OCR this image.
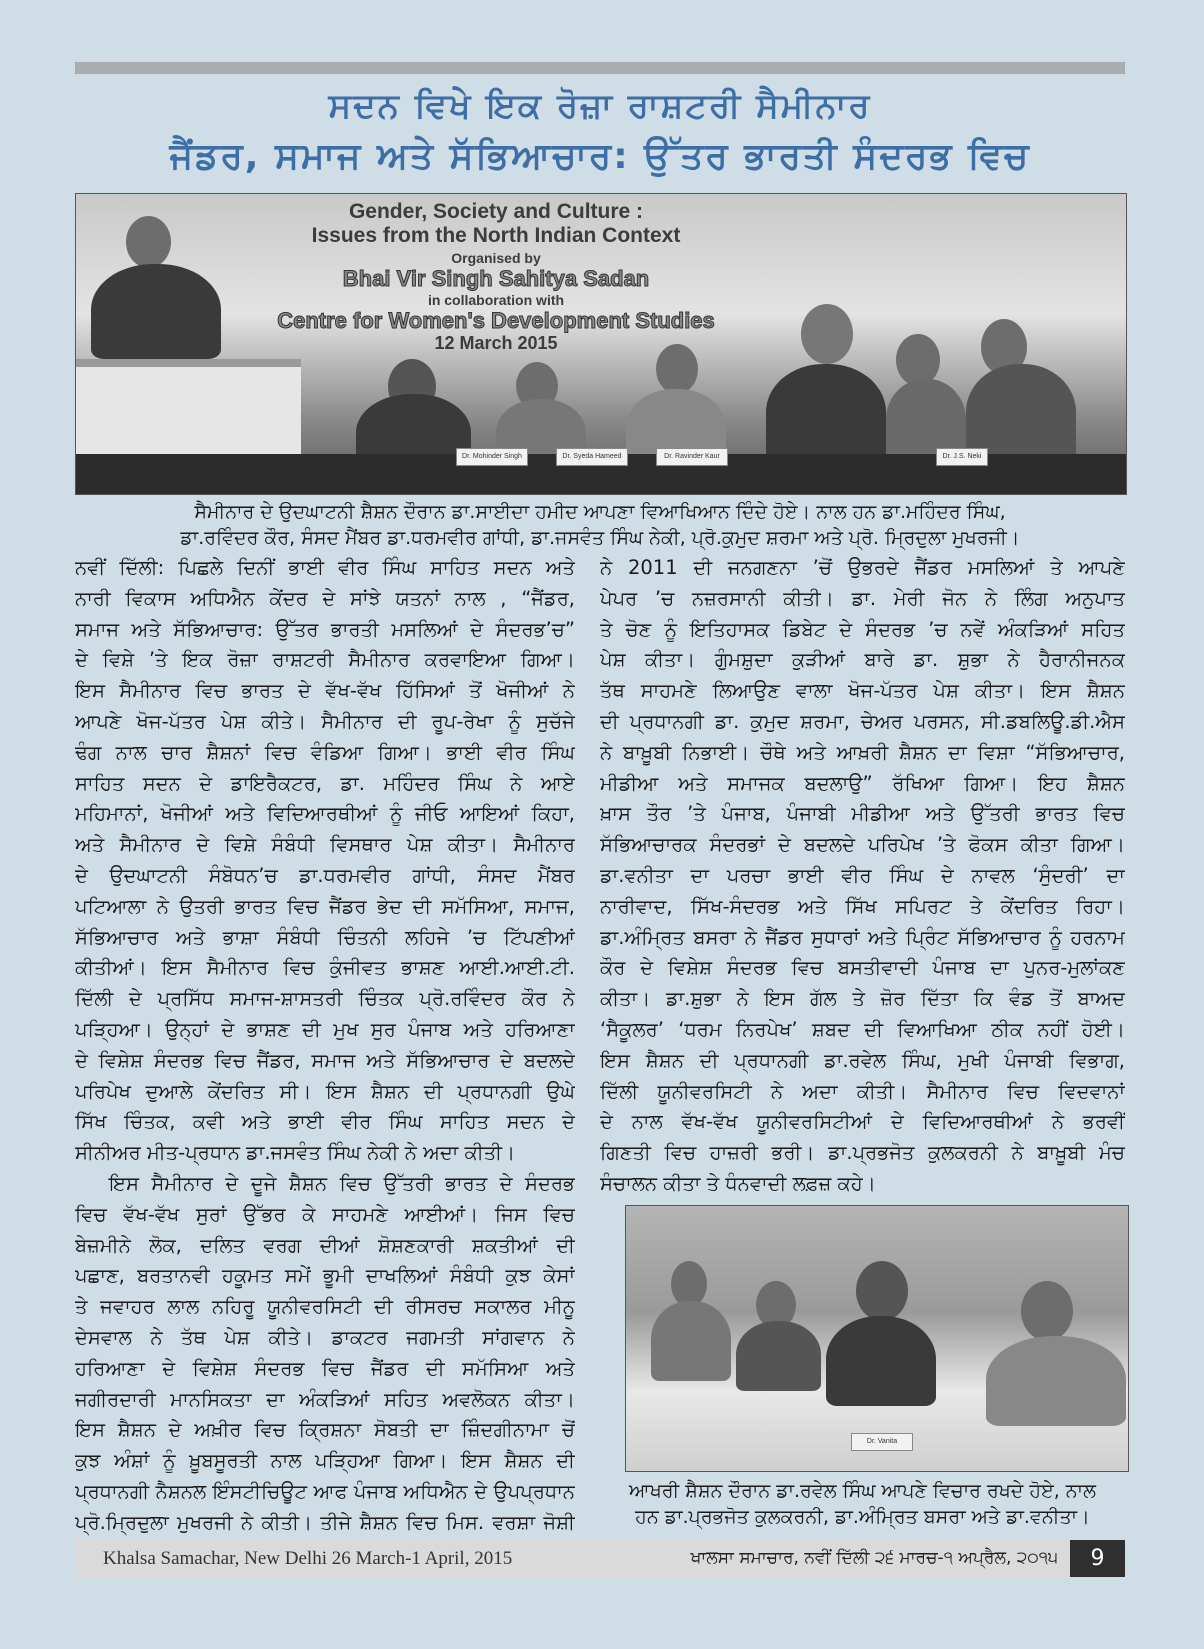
ਸਦਨ ਵਿਖੇ ਇਕ ਰੋਜ਼ਾ ਰਾਸ਼ਟਰੀ ਸੈਮੀਨਾਰ
ਜੈਂਡਰ, ਸਮਾਜ ਅਤੇ ਸੱਭਿਆਚਾਰ: ਉੱਤਰ ਭਾਰਤੀ ਸੰਦਰਭ ਵਿਚ
Dr. Mohinder Singh	Dr. Syeda Hameed	Dr. Ravinder Kaur	Dr. J.S. Neki
Gender, Society and Culture :
Issues from the North Indian Context
Organised by
Bhai Vir Singh Sahitya Sadan
in collaboration with
Centre for Women's Development Studies
12 March 2015
ਸੈਮੀਨਾਰ ਦੇ ਉਦਘਾਟਨੀ ਸ਼ੈਸ਼ਨ ਦੌਰਾਨ ਡਾ.ਸਾਈਦਾ ਹਮੀਦ ਆਪਣਾ ਵਿਆਖਿਆਨ ਦਿੰਦੇ ਹੋਏ। ਨਾਲ ਹਨ ਡਾ.ਮਹਿੰਦਰ ਸਿੰਘ,
ਡਾ.ਰਵਿੰਦਰ ਕੌਰ, ਸੰਸਦ ਮੈਂਬਰ ਡਾ.ਧਰਮਵੀਰ ਗਾਂਧੀ, ਡਾ.ਜਸਵੰਤ ਸਿੰਘ ਨੇਕੀ, ਪ੍ਰੋ.ਕੁਮੁਦ ਸ਼ਰਮਾ ਅਤੇ ਪ੍ਰੋ. ਮ੍ਰਿਦੁਲਾ ਮੁਖਰਜੀ।
ਨਵੀਂ ਦਿੱਲੀ: ਪਿਛਲੇ ਦਿਨੀਂ ਭਾਈ ਵੀਰ ਸਿੰਘ ਸਾਹਿਤ ਸਦਨ ਅਤੇ
ਨਾਰੀ ਵਿਕਾਸ ਅਧਿਐਨ ਕੇਂਦਰ ਦੇ ਸਾਂਝੇ ਯਤਨਾਂ ਨਾਲ , “ਜੈਂਡਰ,
ਸਮਾਜ ਅਤੇ ਸੱਭਿਆਚਾਰ: ਉੱਤਰ ਭਾਰਤੀ ਮਸਲਿਆਂ ਦੇ ਸੰਦਰਭ’ਚ”
ਦੇ ਵਿਸ਼ੇ ’ਤੇ ਇਕ ਰੋਜ਼ਾ ਰਾਸ਼ਟਰੀ ਸੈਮੀਨਾਰ ਕਰਵਾਇਆ ਗਿਆ।
ਇਸ ਸੈਮੀਨਾਰ ਵਿਚ ਭਾਰਤ ਦੇ ਵੱਖ-ਵੱਖ ਹਿੱਸਿਆਂ ਤੋਂ ਖੋਜੀਆਂ ਨੇ
ਆਪਣੇ ਖੋਜ-ਪੱਤਰ ਪੇਸ਼ ਕੀਤੇ। ਸੈਮੀਨਾਰ ਦੀ ਰੂਪ-ਰੇਖਾ ਨੂੰ ਸੁਚੱਜੇ
ਢੰਗ ਨਾਲ ਚਾਰ ਸ਼ੈਸ਼ਨਾਂ ਵਿਚ ਵੰਡਿਆ ਗਿਆ। ਭਾਈ ਵੀਰ ਸਿੰਘ
ਸਾਹਿਤ ਸਦਨ ਦੇ ਡਾਇਰੈਕਟਰ, ਡਾ. ਮਹਿੰਦਰ ਸਿੰਘ ਨੇ ਆਏ
ਮਹਿਮਾਨਾਂ, ਖੋਜੀਆਂ ਅਤੇ ਵਿਦਿਆਰਥੀਆਂ ਨੂੰ ਜੀਓ ਆਇਆਂ ਕਿਹਾ,
ਅਤੇ ਸੈਮੀਨਾਰ ਦੇ ਵਿਸ਼ੇ ਸੰਬੰਧੀ ਵਿਸਥਾਰ ਪੇਸ਼ ਕੀਤਾ। ਸੈਮੀਨਾਰ
ਦੇ ਉਦਘਾਟਨੀ ਸੰਬੋਧਨ’ਚ ਡਾ.ਧਰਮਵੀਰ ਗਾਂਧੀ, ਸੰਸਦ ਮੈਂਬਰ
ਪਟਿਆਲਾ ਨੇ ਉਤਰੀ ਭਾਰਤ ਵਿਚ ਜੈਂਡਰ ਭੇਦ ਦੀ ਸਮੱਸਿਆ, ਸਮਾਜ,
ਸੱਭਿਆਚਾਰ ਅਤੇ ਭਾਸ਼ਾ ਸੰਬੰਧੀ ਚਿੰਤਨੀ ਲਹਿਜੇ ’ਚ ਟਿੱਪਣੀਆਂ
ਕੀਤੀਆਂ। ਇਸ ਸੈਮੀਨਾਰ ਵਿਚ ਕੁੰਜੀਵਤ ਭਾਸ਼ਣ ਆਈ.ਆਈ.ਟੀ.
ਦਿੱਲੀ ਦੇ ਪ੍ਰਸਿੱਧ ਸਮਾਜ-ਸ਼ਾਸਤਰੀ ਚਿੰਤਕ ਪ੍ਰੋ.ਰਵਿੰਦਰ ਕੌਰ ਨੇ
ਪੜ੍ਹਿਆ। ਉਨ੍ਹਾਂ ਦੇ ਭਾਸ਼ਣ ਦੀ ਮੁਖ ਸੁਰ ਪੰਜਾਬ ਅਤੇ ਹਰਿਆਣਾ
ਦੇ ਵਿਸ਼ੇਸ਼ ਸੰਦਰਭ ਵਿਚ ਜੈਂਡਰ, ਸਮਾਜ ਅਤੇ ਸੱਭਿਆਚਾਰ ਦੇ ਬਦਲਦੇ
ਪਰਿਪੇਖ ਦੁਆਲੇ ਕੇਂਦਰਿਤ ਸੀ। ਇਸ ਸ਼ੈਸ਼ਨ ਦੀ ਪ੍ਰਧਾਨਗੀ ਉਘੇ
ਸਿੱਖ ਚਿੰਤਕ, ਕਵੀ ਅਤੇ ਭਾਈ ਵੀਰ ਸਿੰਘ ਸਾਹਿਤ ਸਦਨ ਦੇ
ਸੀਨੀਅਰ ਮੀਤ-ਪ੍ਰਧਾਨ ਡਾ.ਜਸਵੰਤ ਸਿੰਘ ਨੇਕੀ ਨੇ ਅਦਾ ਕੀਤੀ।
ਇਸ ਸੈਮੀਨਾਰ ਦੇ ਦੂਜੇ ਸ਼ੈਸ਼ਨ ਵਿਚ ਉੱਤਰੀ ਭਾਰਤ ਦੇ ਸੰਦਰਭ
ਵਿਚ ਵੱਖ-ਵੱਖ ਸੁਰਾਂ ਉੱਭਰ ਕੇ ਸਾਹਮਣੇ ਆਈਆਂ। ਜਿਸ ਵਿਚ
ਬੇਜ਼ਮੀਨੇ ਲੋਕ, ਦਲਿਤ ਵਰਗ ਦੀਆਂ ਸ਼ੋਸ਼ਣਕਾਰੀ ਸ਼ਕਤੀਆਂ ਦੀ
ਪਛਾਣ, ਬਰਤਾਨਵੀ ਹਕੂਮਤ ਸਮੇਂ ਭੂਮੀ ਦਾਖਲਿਆਂ ਸੰਬੰਧੀ ਕੁਝ ਕੇਸਾਂ
ਤੇ ਜਵਾਹਰ ਲਾਲ ਨਹਿਰੂ ਯੂਨੀਵਰਸਿਟੀ ਦੀ ਰੀਸਰਚ ਸਕਾਲਰ ਮੀਨੂ
ਦੇਸਵਾਲ ਨੇ ਤੱਥ ਪੇਸ਼ ਕੀਤੇ। ਡਾਕਟਰ ਜਗਮਤੀ ਸਾਂਗਵਾਨ ਨੇ
ਹਰਿਆਣਾ ਦੇ ਵਿਸ਼ੇਸ਼ ਸੰਦਰਭ ਵਿਚ ਜੈਂਡਰ ਦੀ ਸਮੱਸਿਆ ਅਤੇ
ਜਗੀਰਦਾਰੀ ਮਾਨਸਿਕਤਾ ਦਾ ਅੰਕੜਿਆਂ ਸਹਿਤ ਅਵਲੋਕਨ ਕੀਤਾ।
ਇਸ ਸ਼ੈਸ਼ਨ ਦੇ ਅਖ਼ੀਰ ਵਿਚ ਕ੍ਰਿਸ਼ਨਾ ਸੋਬਤੀ ਦਾ ਜ਼ਿੰਦਗੀਨਾਮਾ ਚੋਂ
ਕੁਝ ਅੰਸ਼ਾਂ ਨੂੰ ਖ਼ੂਬਸੂਰਤੀ ਨਾਲ ਪੜ੍ਹਿਆ ਗਿਆ। ਇਸ ਸ਼ੈਸ਼ਨ ਦੀ
ਪ੍ਰਧਾਨਗੀ ਨੈਸ਼ਨਲ ਇੰਸਟੀਚਿਊਟ ਆਫ ਪੰਜਾਬ ਅਧਿਐਨ ਦੇ ਉਪਪ੍ਰਧਾਨ
ਪ੍ਰੋ.ਮ੍ਰਿਦੁਲਾ ਮੁਖਰਜੀ ਨੇ ਕੀਤੀ। ਤੀਜੇ ਸ਼ੈਸ਼ਨ ਵਿਚ ਮਿਸ. ਵਰਸ਼ਾ ਜੋਸ਼ੀ
ਨੇ 2011 ਦੀ ਜਨਗਣਨਾ ’ਚੋਂ ਉਭਰਦੇ ਜੈਂਡਰ ਮਸਲਿਆਂ ਤੇ ਆਪਣੇ
ਪੇਪਰ ’ਚ ਨਜ਼ਰਸਾਨੀ ਕੀਤੀ। ਡਾ. ਮੇਰੀ ਜੋਨ ਨੇ ਲਿੰਗ ਅਨੁਪਾਤ
ਤੇ ਚੋਣ ਨੂੰ ਇਤਿਹਾਸਕ ਡਿਬੇਟ ਦੇ ਸੰਦਰਭ ’ਚ ਨਵੇਂ ਅੰਕੜਿਆਂ ਸਹਿਤ
ਪੇਸ਼ ਕੀਤਾ। ਗੁੰਮਸ਼ੁਦਾ ਕੁੜੀਆਂ ਬਾਰੇ ਡਾ. ਸ਼ੁਭਾ ਨੇ ਹੈਰਾਨੀਜਨਕ
ਤੱਥ ਸਾਹਮਣੇ ਲਿਆਉਣ ਵਾਲਾ ਖੋਜ-ਪੱਤਰ ਪੇਸ਼ ਕੀਤਾ। ਇਸ ਸ਼ੈਸ਼ਨ
ਦੀ ਪ੍ਰਧਾਨਗੀ ਡਾ. ਕੁਮੁਦ ਸ਼ਰਮਾ, ਚੇਅਰ ਪਰਸਨ, ਸੀ.ਡਬਲਿਊ.ਡੀ.ਐਸ
ਨੇ ਬਾਖ਼ੂਬੀ ਨਿਭਾਈ। ਚੌਥੇ ਅਤੇ ਆਖ਼ਰੀ ਸ਼ੈਸ਼ਨ ਦਾ ਵਿਸ਼ਾ “ਸੱਭਿਆਚਾਰ,
ਮੀਡੀਆ ਅਤੇ ਸਮਾਜਕ ਬਦਲਾਉ” ਰੱਖਿਆ ਗਿਆ। ਇਹ ਸ਼ੈਸ਼ਨ
ਖ਼ਾਸ ਤੌਰ ’ਤੇ ਪੰਜਾਬ, ਪੰਜਾਬੀ ਮੀਡੀਆ ਅਤੇ ਉੱਤਰੀ ਭਾਰਤ ਵਿਚ
ਸੱਭਿਆਚਾਰਕ ਸੰਦਰਭਾਂ ਦੇ ਬਦਲਦੇ ਪਰਿਪੇਖ ’ਤੇ ਫੋਕਸ ਕੀਤਾ ਗਿਆ।
ਡਾ.ਵਨੀਤਾ ਦਾ ਪਰਚਾ ਭਾਈ ਵੀਰ ਸਿੰਘ ਦੇ ਨਾਵਲ ‘ਸੁੰਦਰੀ’ ਦਾ
ਨਾਰੀਵਾਦ, ਸਿੱਖ-ਸੰਦਰਭ ਅਤੇ ਸਿੱਖ ਸਪਿਰਟ ਤੇ ਕੇਂਦਰਿਤ ਰਿਹਾ।
ਡਾ.ਅੰਮ੍ਰਿਤ ਬਸਰਾ ਨੇ ਜੈਂਡਰ ਸੁਧਾਰਾਂ ਅਤੇ ਪ੍ਰਿੰਟ ਸੱਭਿਆਚਾਰ ਨੂੰ ਹਰਨਾਮ
ਕੌਰ ਦੇ ਵਿਸ਼ੇਸ਼ ਸੰਦਰਭ ਵਿਚ ਬਸਤੀਵਾਦੀ ਪੰਜਾਬ ਦਾ ਪੁਨਰ-ਮੁਲਾਂਕਣ
ਕੀਤਾ। ਡਾ.ਸ਼ੁਭਾ ਨੇ ਇਸ ਗੱਲ ਤੇ ਜ਼ੋਰ ਦਿੱਤਾ ਕਿ ਵੰਡ ਤੋਂ ਬਾਅਦ
‘ਸੈਕੂਲਰ’ ‘ਧਰਮ ਨਿਰਪੇਖ’ ਸ਼ਬਦ ਦੀ ਵਿਆਖਿਆ ਠੀਕ ਨਹੀਂ ਹੋਈ।
ਇਸ ਸ਼ੈਸ਼ਨ ਦੀ ਪ੍ਰਧਾਨਗੀ ਡਾ.ਰਵੇਲ ਸਿੰਘ, ਮੁਖੀ ਪੰਜਾਬੀ ਵਿਭਾਗ,
ਦਿੱਲੀ ਯੂਨੀਵਰਸਿਟੀ ਨੇ ਅਦਾ ਕੀਤੀ। ਸੈਮੀਨਾਰ ਵਿਚ ਵਿਦਵਾਨਾਂ
ਦੇ ਨਾਲ ਵੱਖ-ਵੱਖ ਯੂਨੀਵਰਸਿਟੀਆਂ ਦੇ ਵਿਦਿਆਰਥੀਆਂ ਨੇ ਭਰਵੀਂ
ਗਿਣਤੀ ਵਿਚ ਹਾਜ਼ਰੀ ਭਰੀ। ਡਾ.ਪ੍ਰਭਜੋਤ ਕੁਲਕਰਨੀ ਨੇ ਬਾਖ਼ੂਬੀ ਮੰਚ
ਸੰਚਾਲਨ ਕੀਤਾ ਤੇ ਧੰਨਵਾਦੀ ਲਫ਼ਜ਼ ਕਹੇ।
Dr. Vanita
ਆਖਰੀ ਸ਼ੈਸ਼ਨ ਦੌਰਾਨ ਡਾ.ਰਵੇਲ ਸਿੰਘ ਆਪਣੇ ਵਿਚਾਰ ਰਖਦੇ ਹੋਏ, ਨਾਲ
ਹਨ ਡਾ.ਪ੍ਰਭਜੋਤ ਕੁਲਕਰਨੀ, ਡਾ.ਅੰਮ੍ਰਿਤ ਬਸਰਾ ਅਤੇ ਡਾ.ਵਨੀਤਾ।
Khalsa Samachar, New Delhi 26 March-1 April, 2015	ਖਾਲਸਾ ਸਮਾਚਾਰ, ਨਵੀਂ ਦਿੱਲੀ ੨੬ ਮਾਰਚ-੧ ਅਪ੍ਰੈਲ, ੨੦੧੫	9
